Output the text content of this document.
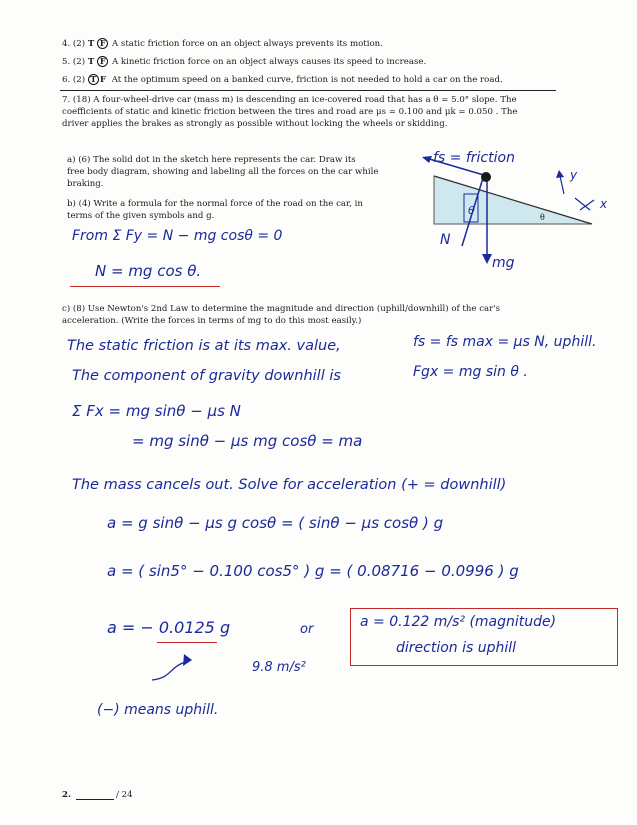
4. (2) T F A static friction force on an object always prevents its motion.
5. (2) T F A kinetic friction force on an object always causes its speed to increase.
6. (2) T F At the optimum speed on a banked curve, friction is not needed to hold a car on the road.
7. (18) A four-wheel-drive car (mass m) is descending an ice-covered road that has a θ = 5.0° slope. The
coefficients of static and kinetic friction between the tires and road are μs = 0.100 and μk = 0.050 . The
driver applies the brakes as strongly as possible without locking the wheels or skidding.
a) (6) The solid dot in the sketch here represents the car. Draw its
free body diagram, showing and labeling all the forces on the car while
braking.
b) (4) Write a formula for the normal force of the road on the car, in
terms of the given symbols and g.
From Σ Fy = N − mg cosθ = 0
N = mg cos θ.
fs = friction
y
x
θ
θ
N
mg
c) (8) Use Newton's 2nd Law to determine the magnitude and direction (uphill/downhill) of the car's
acceleration. (Write the forces in terms of mg to do this most easily.)
The static friction is at its max. value,	fs = fs max = μs N, uphill.
The component of gravity downhill is	Fgx = mg sin θ .
Σ Fx = mg sinθ − μs N
= mg sinθ − μs mg cosθ = ma
The mass cancels out. Solve for acceleration (+ = downhill)
a = g sinθ − μs g cosθ = ( sinθ − μs cosθ ) g
a = ( sin5° − 0.100 cos5° ) g = ( 0.08716 − 0.0996 ) g
a = − 0.0125 g	or	a = 0.122 m/s² (magnitude)
direction is uphill
9.8 m/s²
(−) means uphill.
2.	/ 24
